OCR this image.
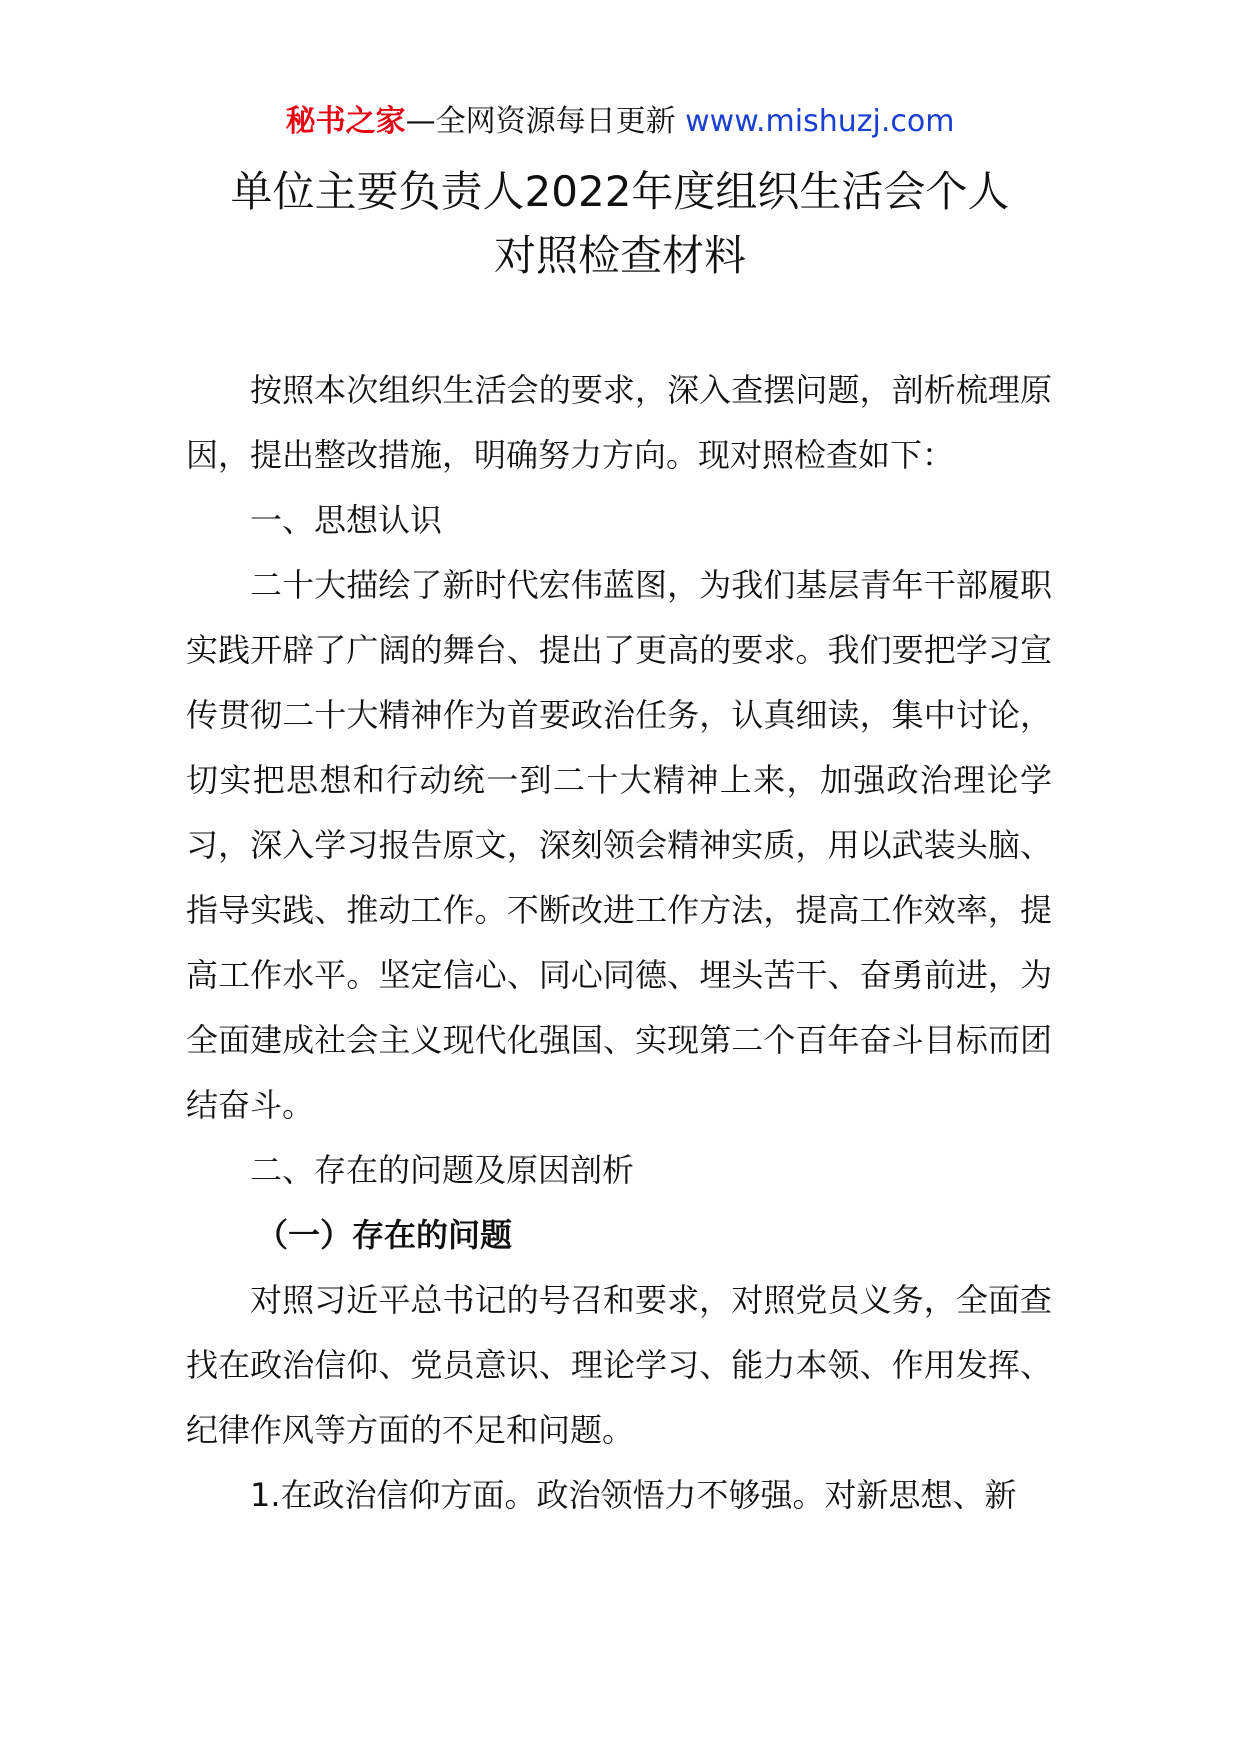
秘书之家—全网资源每日更新 www.mishuzj.com
单位主要负责人2022年度组织生活会个人
对照检查材料

按照本次组织生活会的要求，深入查摆问题，剖析梳理原因，提出整改措施，明确努力方向。现对照检查如下：

一、思想认识

二十大描绘了新时代宏伟蓝图，为我们基层青年干部履职实践开辟了广阔的舞台、提出了更高的要求。我们要把学习宣传贯彻二十大精神作为首要政治任务，认真细读，集中讨论，切实把思想和行动统一到二十大精神上来，加强政治理论学习，深入学习报告原文，深刻领会精神实质，用以武装头脑、指导实践、推动工作。不断改进工作方法，提高工作效率，提高工作水平。坚定信心、同心同德、埋头苦干、奋勇前进，为全面建成社会主义现代化强国、实现第二个百年奋斗目标而团结奋斗。

二、存在的问题及原因剖析

（一）存在的问题

对照习近平总书记的号召和要求，对照党员义务，全面查找在政治信仰、党员意识、理论学习、能力本领、作用发挥、纪律作风等方面的不足和问题。

1.在政治信仰方面。政治领悟力不够强。对新思想、新
